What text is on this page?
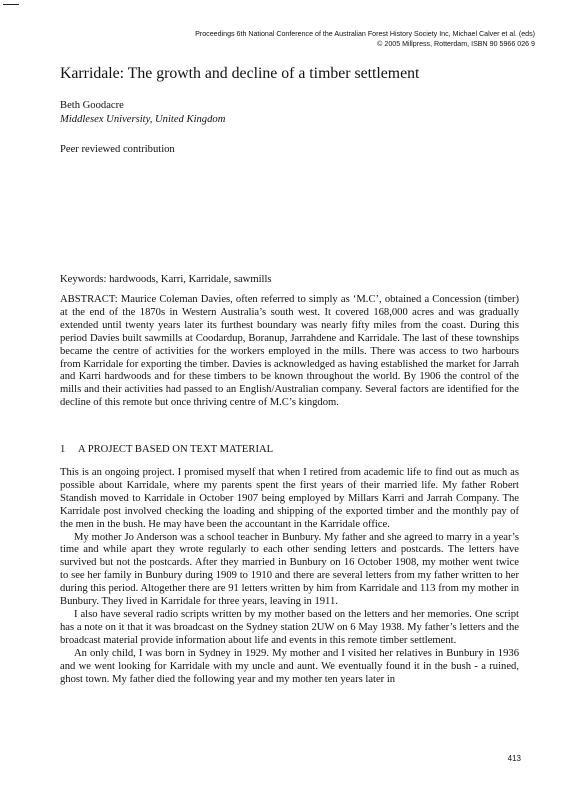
Proceedings 6th National Conference of the Australian Forest History Society Inc, Michael Calver et al. (eds)
© 2005 Millpress, Rotterdam, ISBN 90 5966 026 9
Karridale: The growth and decline of a timber settlement
Beth Goodacre
Middlesex University, United Kingdom
Peer reviewed contribution
Keywords: hardwoods, Karri, Karridale, sawmills

ABSTRACT: Maurice Coleman Davies, often referred to simply as ‘M.C’, obtained a Concession (timber) at the end of the 1870s in Western Australia’s south west. It covered 168,000 acres and was gradually extended until twenty years later its furthest boundary was nearly fifty miles from the coast. During this period Davies built sawmills at Coodardup, Boranup, Jarrahdene and Karridale. The last of these townships became the centre of activities for the workers employed in the mills. There was access to two harbours from Karridale for exporting the timber. Davies is acknowledged as having established the market for Jarrah and Karri hardwoods and for these timbers to be known throughout the world. By 1906 the control of the mills and their activities had passed to an English/Australian company. Several factors are identified for the decline of this remote but once thriving centre of M.C’s kingdom.

1 A PROJECT BASED ON TEXT MATERIAL

This is an ongoing project. I promised myself that when I retired from academic life to find out as much as possible about Karridale, where my parents spent the first years of their married life. My father Robert Standish moved to Karridale in October 1907 being employed by Millars Karri and Jarrah Company. The Karridale post involved checking the loading and shipping of the exported timber and the monthly pay of the men in the bush. He may have been the accountant in the Karridale office.

My mother Jo Anderson was a school teacher in Bunbury. My father and she agreed to marry in a year’s time and while apart they wrote regularly to each other sending letters and postcards. The letters have survived but not the postcards. After they married in Bunbury on 16 October 1908, my mother went twice to see her family in Bunbury during 1909 to 1910 and there are several letters from my father written to her during this period. Altogether there are 91 letters written by him from Karridale and 113 from my mother in Bunbury. They lived in Karridale for three years, leaving in 1911.

I also have several radio scripts written by my mother based on the letters and her memories. One script has a note on it that it was broadcast on the Sydney station 2UW on 6 May 1938. My father’s letters and the broadcast material provide information about life and events in this remote timber settlement.

An only child, I was born in Sydney in 1929. My mother and I visited her relatives in Bunbury in 1936 and we went looking for Karridale with my uncle and aunt. We eventually found it in the bush - a ruined, ghost town. My father died the following year and my mother ten years later in

413
